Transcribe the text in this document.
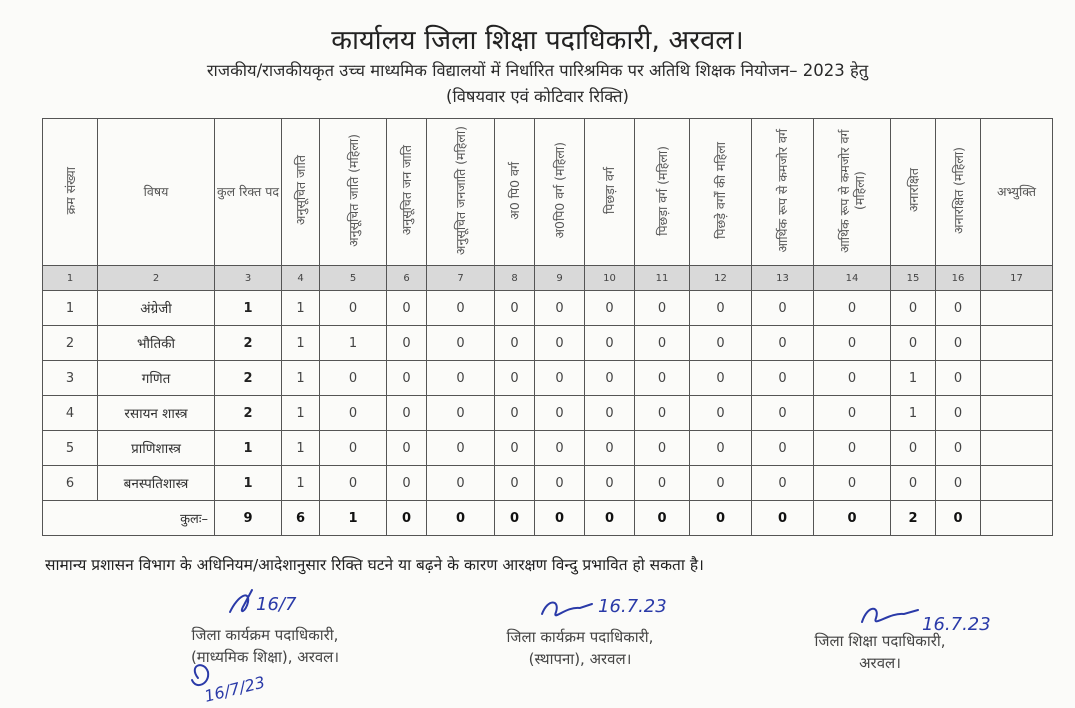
कार्यालय जिला शिक्षा पदाधिकारी, अरवल।
राजकीय/राजकीयकृत उच्च माध्यमिक विद्यालयों में निर्धारित पारिश्रमिक पर अतिथि शिक्षक नियोजन– 2023 हेतु
(विषयवार एवं कोटिवार रिक्ति)
क्रम संख्या	विषय	कुल रिक्त पद	अनुसूचित जाति	अनुसूचित जाति (महिला)	अनुसूचित जन जाति	अनुसूचित जनजाति (महिला)	अ0 पि0 वर्ग	अ0पि0 वर्ग (महिला)	पिछड़ा वर्ग	पिछड़ा वर्ग (महिला)	पिछड़े वर्गों की महिला	आर्थिक रूप से कमजोर वर्ग	आर्थिक रूप से कमजोर वर्ग (महिला)	अनारक्षित	अनारक्षित (महिला)	अभ्युक्ति
1	2	3	4	5	6	7	8	9	10	11	12	13	14	15	16	17
1	अंग्रेजी	1	1	0	0	0	0	0	0	0	0	0	0	0	0	
2	भौतिकी	2	1	1	0	0	0	0	0	0	0	0	0	0	0	
3	गणित	2	1	0	0	0	0	0	0	0	0	0	0	1	0	
4	रसायन शास्त्र	2	1	0	0	0	0	0	0	0	0	0	0	1	0	
5	प्राणिशास्त्र	1	1	0	0	0	0	0	0	0	0	0	0	0	0	
6	बनस्पतिशास्त्र	1	1	0	0	0	0	0	0	0	0	0	0	0	0	
कुलः–		9	6	1	0	0	0	0	0	0	0	0	0	2	0	
सामान्य प्रशासन विभाग के अधिनियम/आदेशानुसार रिक्ति घटने या बढ़ने के कारण आरक्षण विन्दु प्रभावित हो सकता है।
जिला कार्यक्रम पदाधिकारी,
(माध्यमिक शिक्षा), अरवल।
जिला कार्यक्रम पदाधिकारी,
(स्थापना), अरवल।
जिला शिक्षा पदाधिकारी,
अरवल।
16/7
16/7/23
16.7.23
16.7.23
